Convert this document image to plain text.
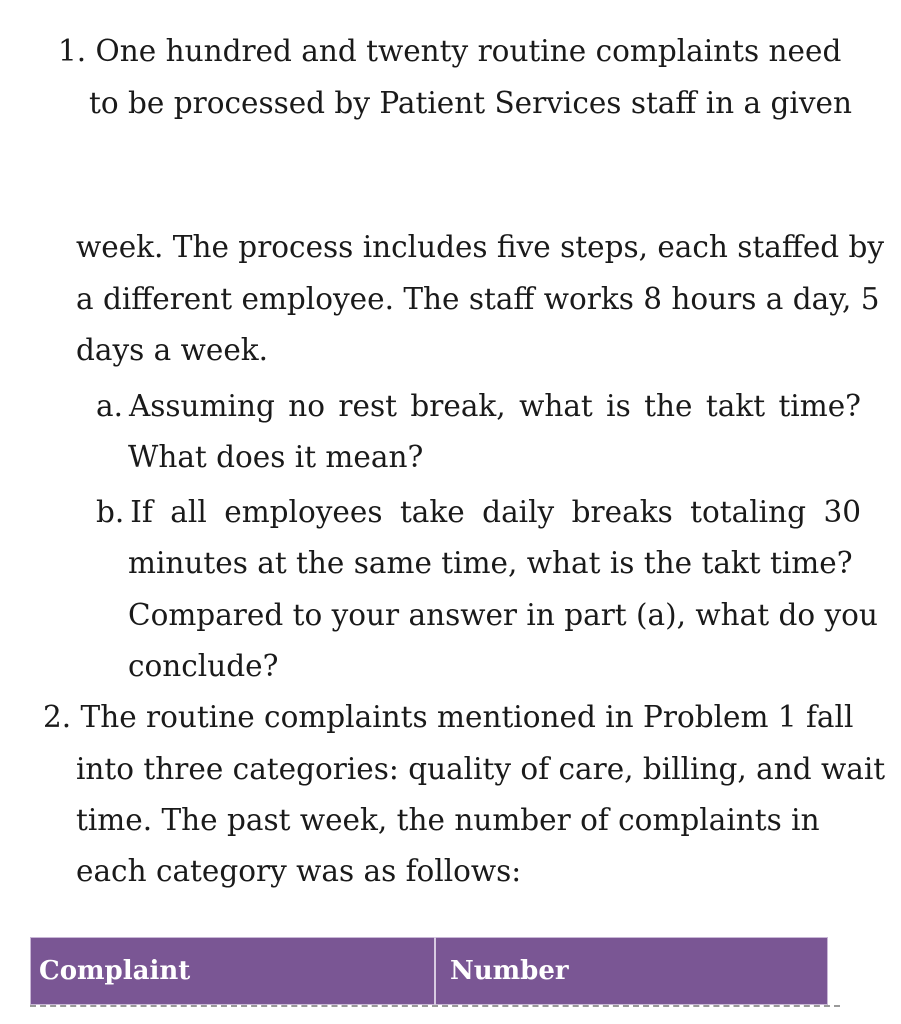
1. One hundred and twenty routine complaints need
to be processed by Patient Services staff in a given
week. The process includes five steps, each staffed by
a different employee. The staff works 8 hours a day, 5
days a week.
a. Assuming no rest break, what is the takt time?
What does it mean?
b. If all employees take daily breaks totaling 30
minutes at the same time, what is the takt time?
Compared to your answer in part (a), what do you
conclude?
2. The routine complaints mentioned in Problem 1 fall
into three categories: quality of care, billing, and wait
time. The past week, the number of complaints in
each category was as follows:
Complaint	Number
